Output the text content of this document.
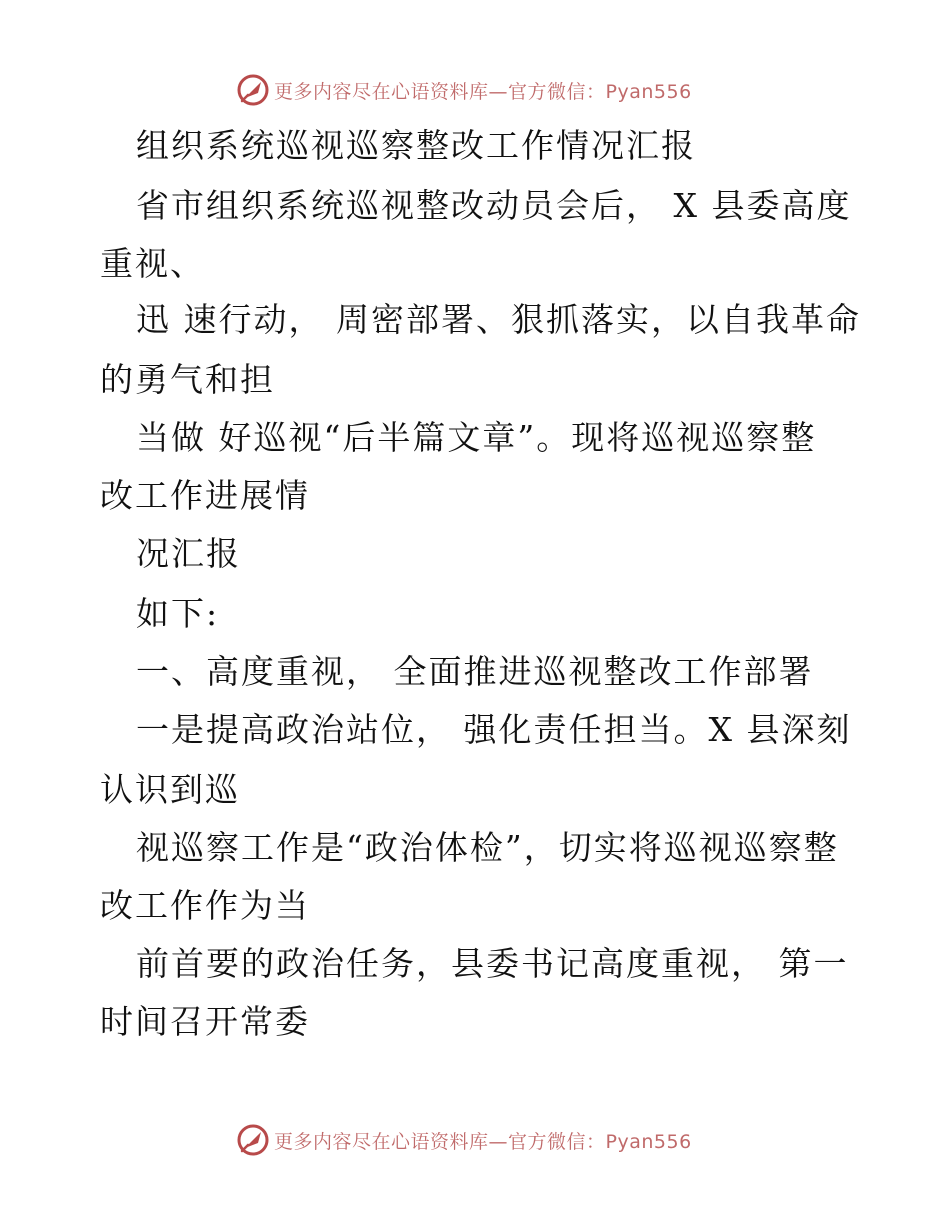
更多内容尽在心语资料库—官方微信：Pyan556
组织系统巡视巡察整改工作情况汇报
省市组织系统巡视整改动员会后， X 县委高度
重视、
迅 速行动， 周密部署、狠抓落实，以自我革命
的勇气和担
当做 好巡视“后半篇文章”。现将巡视巡察整
改工作进展情
况汇报
如下:
一、高度重视， 全面推进巡视整改工作部署
一是提高政治站位， 强化责任担当。X 县深刻
认识到巡
视巡察工作是“政治体检”，切实将巡视巡察整
改工作作为当
前首要的政治任务，县委书记高度重视， 第一
时间召开常委
更多内容尽在心语资料库—官方微信：Pyan556
